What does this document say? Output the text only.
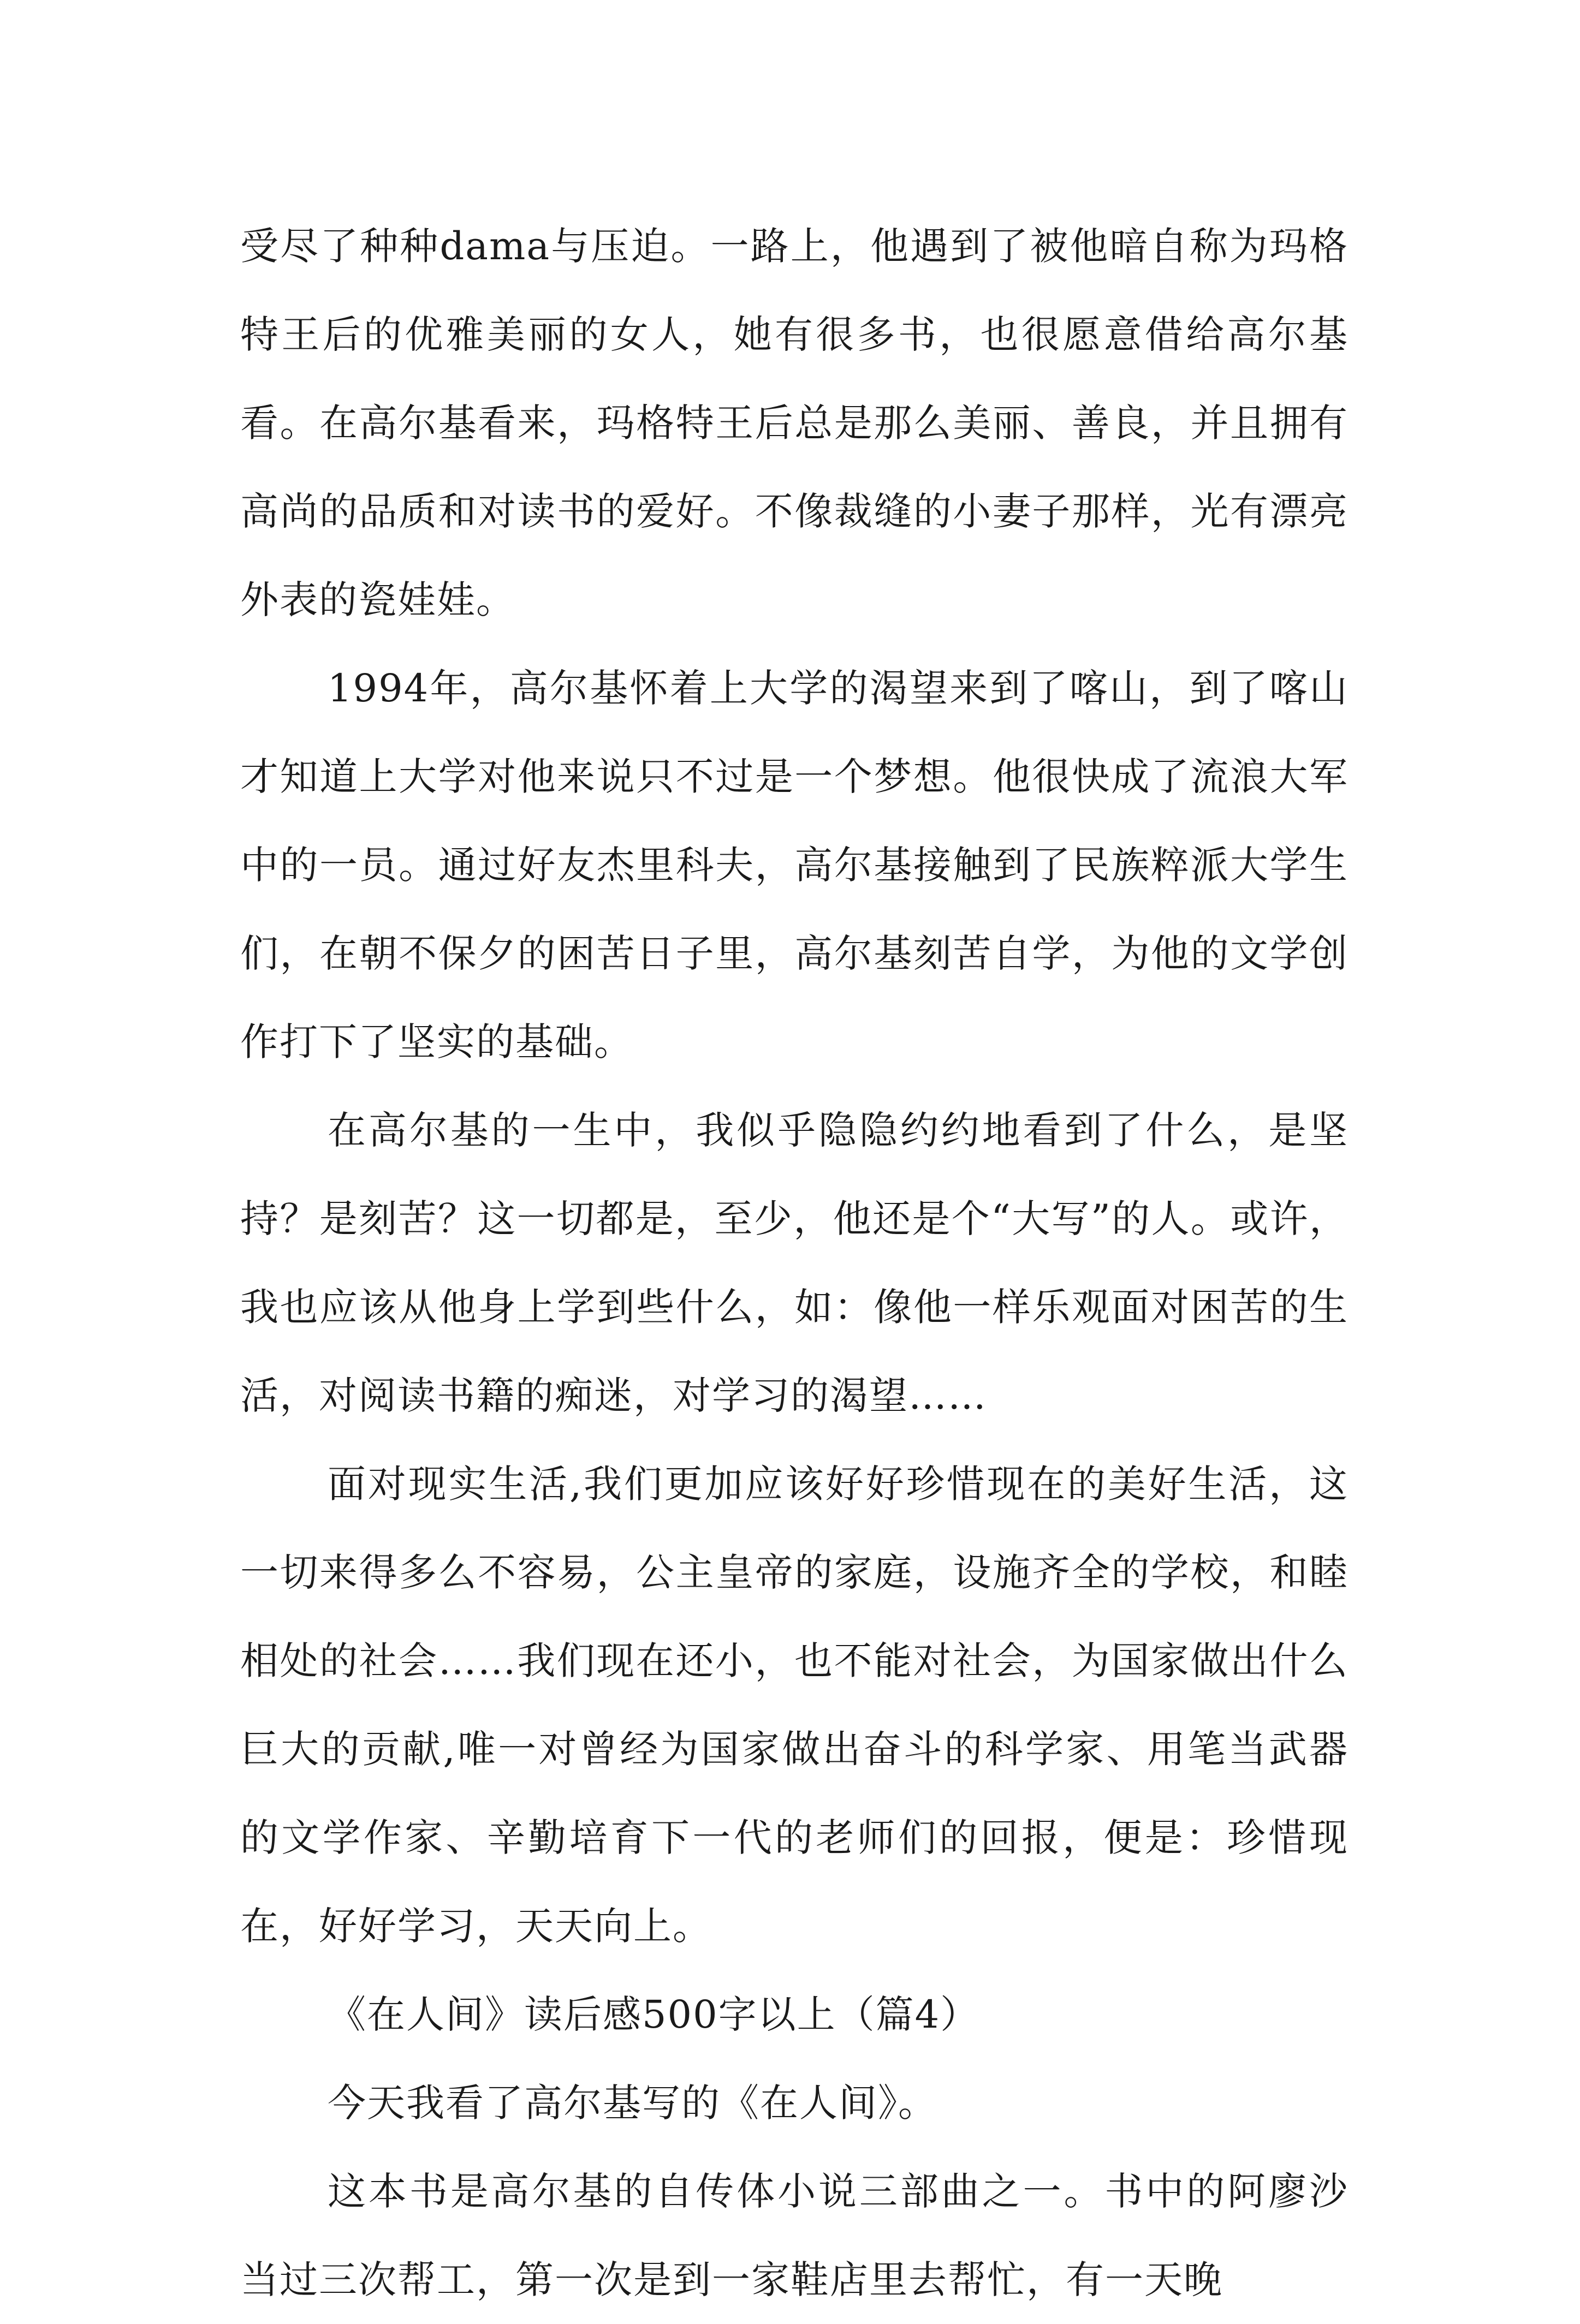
受尽了种种dama与压迫。一路上，他遇到了被他暗自称为玛格特王后的优雅美丽的女人，她有很多书，也很愿意借给高尔基看。在高尔基看来，玛格特王后总是那么美丽、善良，并且拥有高尚的品质和对读书的爱好。不像裁缝的小妻子那样，光有漂亮外表的瓷娃娃。

1994年，高尔基怀着上大学的渴望来到了喀山，到了喀山才知道上大学对他来说只不过是一个梦想。他很快成了流浪大军中的一员。通过好友杰里科夫，高尔基接触到了民族粹派大学生们，在朝不保夕的困苦日子里，高尔基刻苦自学，为他的文学创作打下了坚实的基础。

在高尔基的一生中，我似乎隐隐约约地看到了什么，是坚持？是刻苦？这一切都是，至少，他还是个“大写”的人。或许，我也应该从他身上学到些什么，如：像他一样乐观面对困苦的生活，对阅读书籍的痴迷，对学习的渴望……

面对现实生活,我们更加应该好好珍惜现在的美好生活，这一切来得多么不容易，公主皇帝的家庭，设施齐全的学校，和睦相处的社会……我们现在还小，也不能对社会，为国家做出什么巨大的贡献,唯一对曾经为国家做出奋斗的科学家、用笔当武器的文学作家、辛勤培育下一代的老师们的回报，便是：珍惜现在，好好学习，天天向上。

《在人间》读后感500字以上（篇4）

今天我看了高尔基写的《在人间》。

这本书是高尔基的自传体小说三部曲之一。书中的阿廖沙当过三次帮工，第一次是到一家鞋店里去帮忙，有一天晚
